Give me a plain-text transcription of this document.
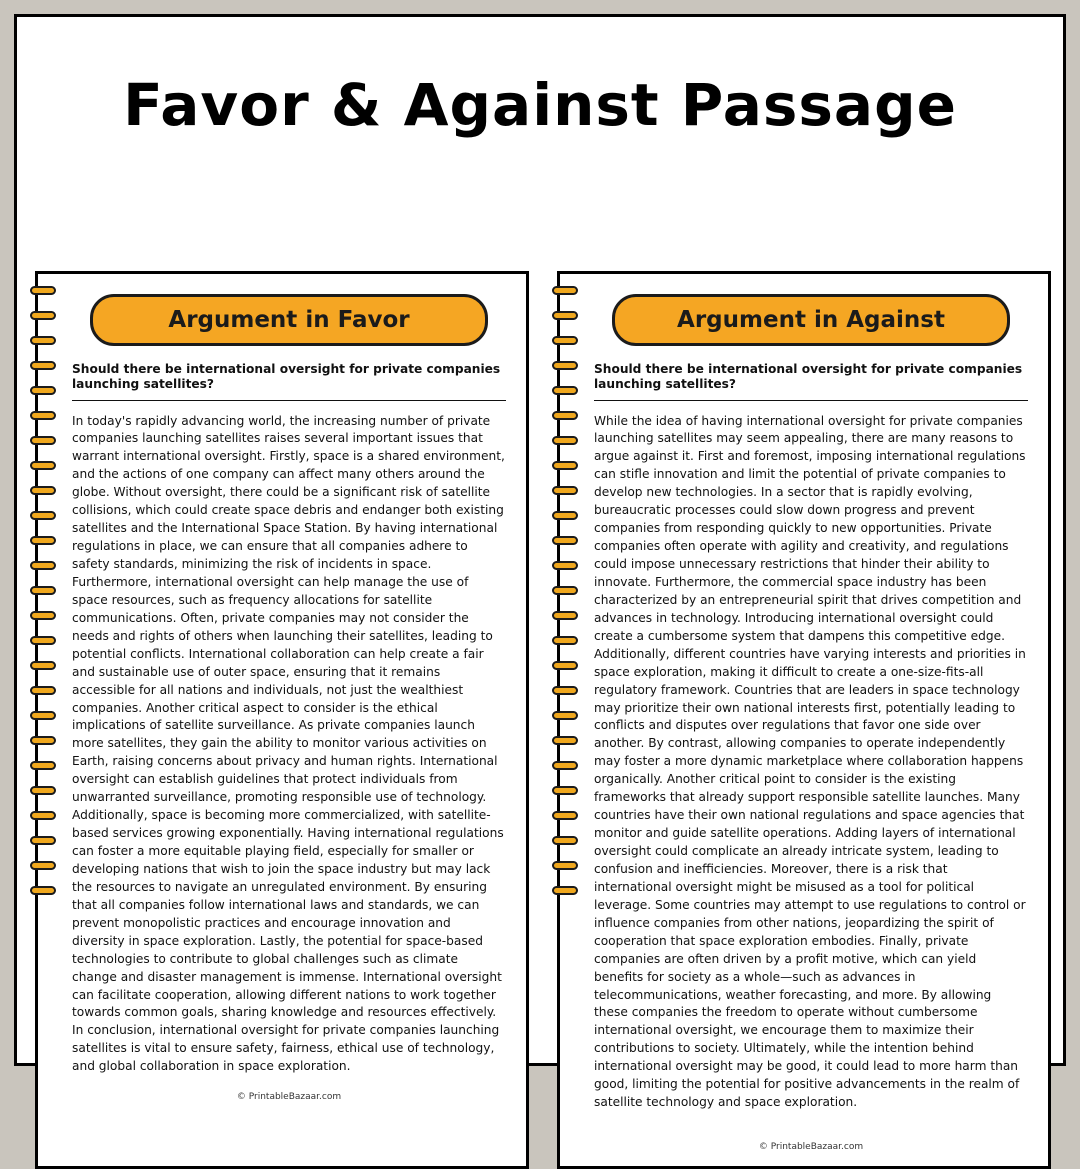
Favor & Against Passage
Argument in Favor
Should there be international oversight for private companies launching satellites?
In today's rapidly advancing world, the increasing number of private companies launching satellites raises several important issues that warrant international oversight. Firstly, space is a shared environment, and the actions of one company can affect many others around the globe. Without oversight, there could be a significant risk of satellite collisions, which could create space debris and endanger both existing satellites and the International Space Station. By having international regulations in place, we can ensure that all companies adhere to safety standards, minimizing the risk of incidents in space. Furthermore, international oversight can help manage the use of space resources, such as frequency allocations for satellite communications. Often, private companies may not consider the needs and rights of others when launching their satellites, leading to potential conflicts. International collaboration can help create a fair and sustainable use of outer space, ensuring that it remains accessible for all nations and individuals, not just the wealthiest companies. Another critical aspect to consider is the ethical implications of satellite surveillance. As private companies launch more satellites, they gain the ability to monitor various activities on Earth, raising concerns about privacy and human rights. International oversight can establish guidelines that protect individuals from unwarranted surveillance, promoting responsible use of technology. Additionally, space is becoming more commercialized, with satellite-based services growing exponentially. Having international regulations can foster a more equitable playing field, especially for smaller or developing nations that wish to join the space industry but may lack the resources to navigate an unregulated environment. By ensuring that all companies follow international laws and standards, we can prevent monopolistic practices and encourage innovation and diversity in space exploration. Lastly, the potential for space-based technologies to contribute to global challenges such as climate change and disaster management is immense. International oversight can facilitate cooperation, allowing different nations to work together towards common goals, sharing knowledge and resources effectively. In conclusion, international oversight for private companies launching satellites is vital to ensure safety, fairness, ethical use of technology, and global collaboration in space exploration.
© PrintableBazaar.com
Argument in Against
Should there be international oversight for private companies launching satellites?
While the idea of having international oversight for private companies launching satellites may seem appealing, there are many reasons to argue against it. First and foremost, imposing international regulations can stifle innovation and limit the potential of private companies to develop new technologies. In a sector that is rapidly evolving, bureaucratic processes could slow down progress and prevent companies from responding quickly to new opportunities. Private companies often operate with agility and creativity, and regulations could impose unnecessary restrictions that hinder their ability to innovate. Furthermore, the commercial space industry has been characterized by an entrepreneurial spirit that drives competition and advances in technology. Introducing international oversight could create a cumbersome system that dampens this competitive edge. Additionally, different countries have varying interests and priorities in space exploration, making it difficult to create a one-size-fits-all regulatory framework. Countries that are leaders in space technology may prioritize their own national interests first, potentially leading to conflicts and disputes over regulations that favor one side over another. By contrast, allowing companies to operate independently may foster a more dynamic marketplace where collaboration happens organically. Another critical point to consider is the existing frameworks that already support responsible satellite launches. Many countries have their own national regulations and space agencies that monitor and guide satellite operations. Adding layers of international oversight could complicate an already intricate system, leading to confusion and inefficiencies. Moreover, there is a risk that international oversight might be misused as a tool for political leverage. Some countries may attempt to use regulations to control or influence companies from other nations, jeopardizing the spirit of cooperation that space exploration embodies. Finally, private companies are often driven by a profit motive, which can yield benefits for society as a whole—such as advances in telecommunications, weather forecasting, and more. By allowing these companies the freedom to operate without cumbersome international oversight, we encourage them to maximize their contributions to society. Ultimately, while the intention behind international oversight may be good, it could lead to more harm than good, limiting the potential for positive advancements in the realm of satellite technology and space exploration.
© PrintableBazaar.com
